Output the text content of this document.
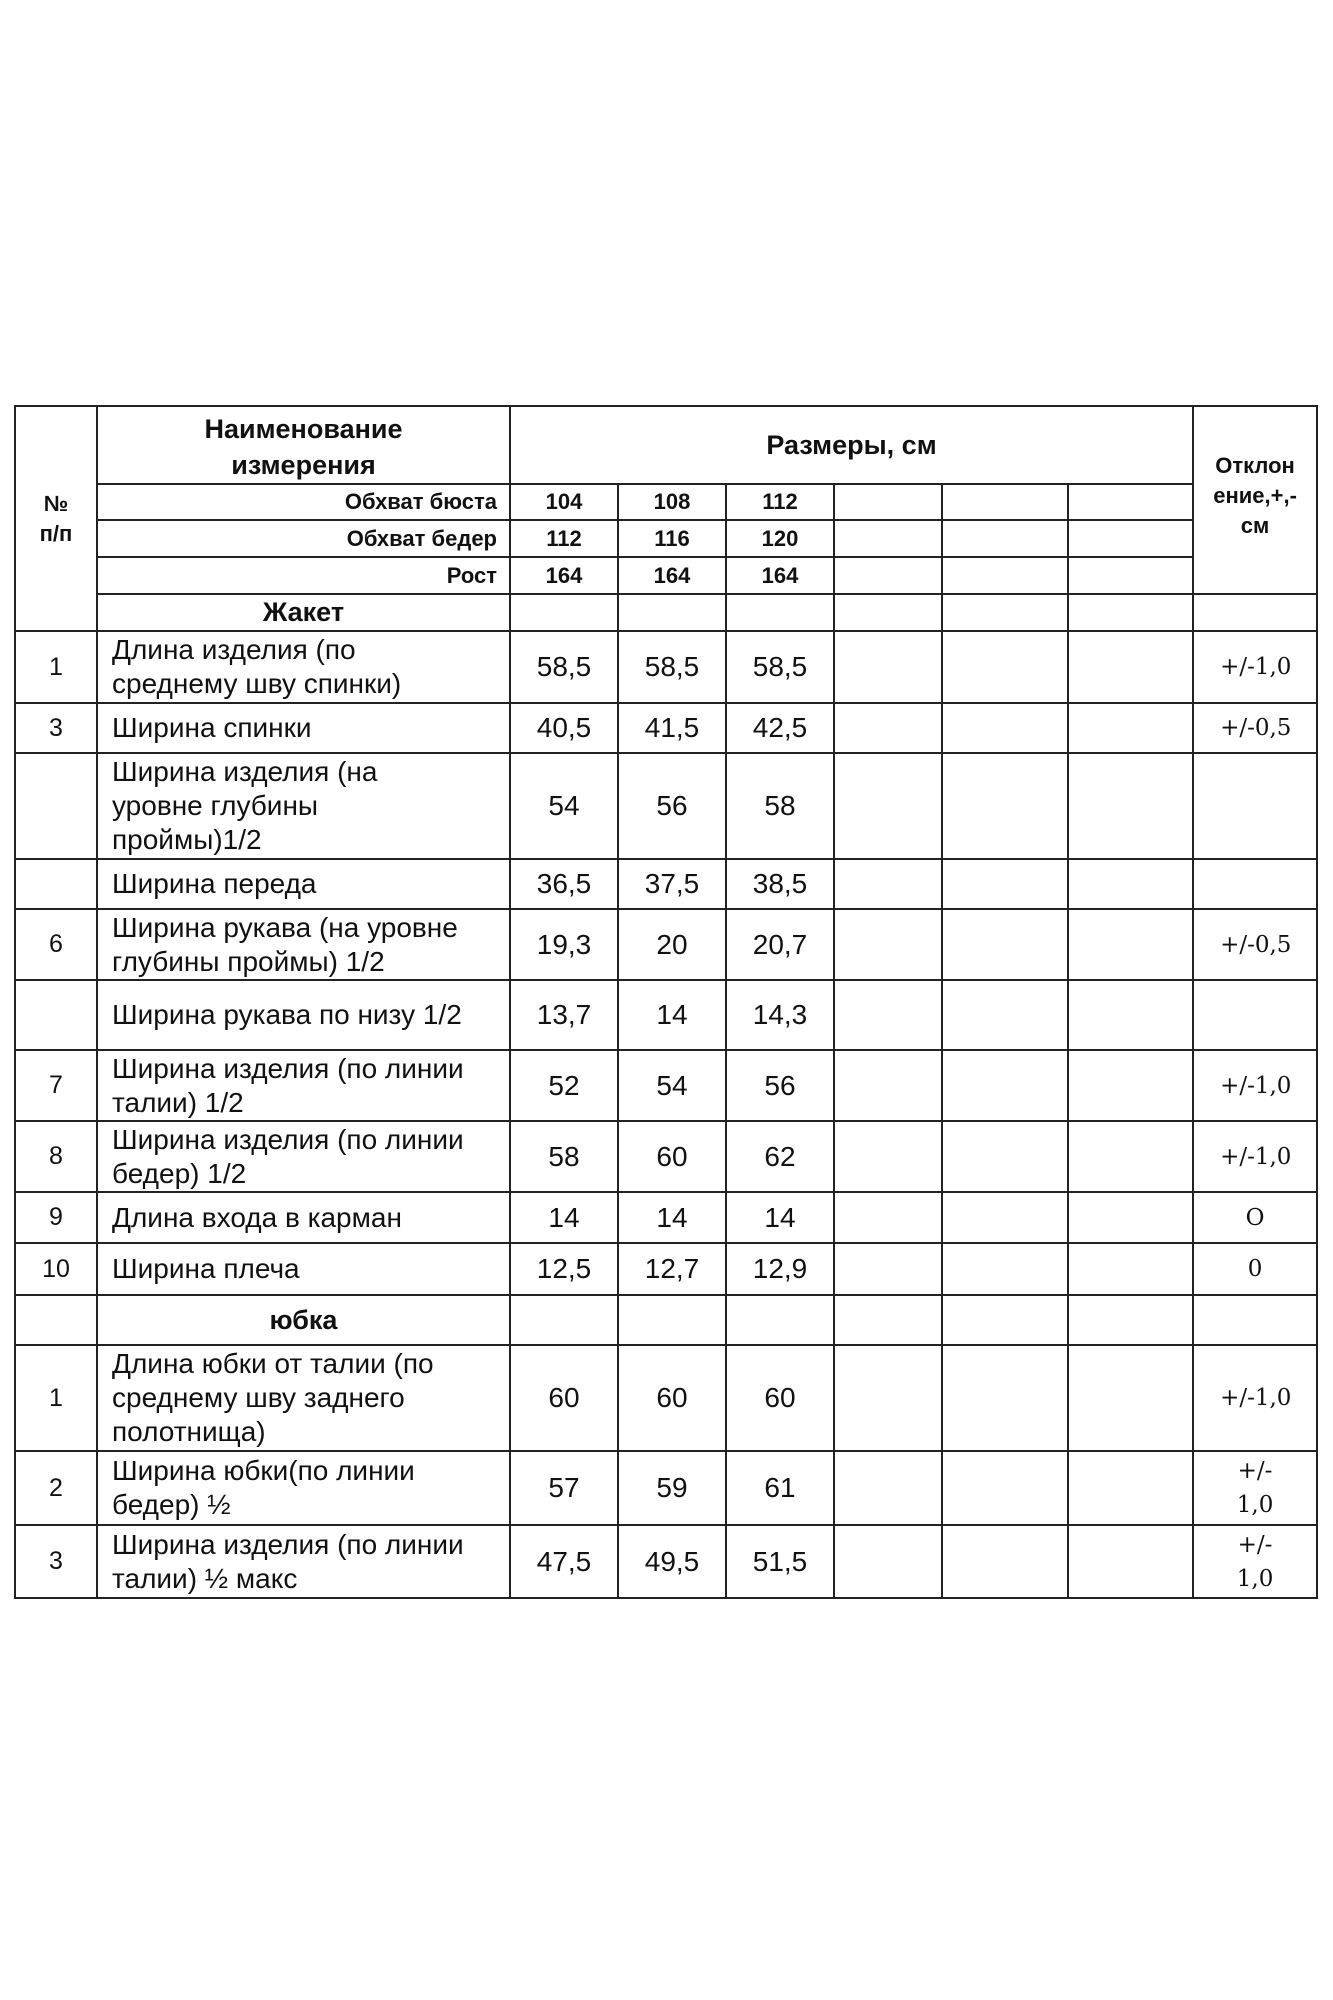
№
п/п	Наименование
измерения	Размеры, см						Отклон
ение,+,-
см
	Обхват бюста	104	108	112				
	Обхват бедер	112	116	120				
	Рост	164	164	164				
	Жакет							
1	Длина изделия (по
среднему шву спинки)	58,5	58,5	58,5				+/-1,0
3	Ширина спинки	40,5	41,5	42,5				+/-0,5
	Ширина изделия (на
уровне глубины
проймы)1/2	54	56	58				
	Ширина переда	36,5	37,5	38,5				
6	Ширина рукава (на уровне
глубины проймы) 1/2	19,3	20	20,7				+/-0,5
	Ширина рукава по низу 1/2	13,7	14	14,3				
7	Ширина изделия (по линии
талии) 1/2	52	54	56				+/-1,0
8	Ширина изделия (по линии
бедер) 1/2	58	60	62				+/-1,0
9	Длина входа в карман	14	14	14				О
10	Ширина плеча	12,5	12,7	12,9				0
	юбка							
1	Длина юбки от талии (по
среднему шву заднего
полотнища)	60	60	60				+/-1,0
2	Ширина юбки(по линии
бедер) ½	57	59	61				+/-
1,0
3	Ширина изделия (по линии
талии) ½ макс	47,5	49,5	51,5				+/-
1,0
